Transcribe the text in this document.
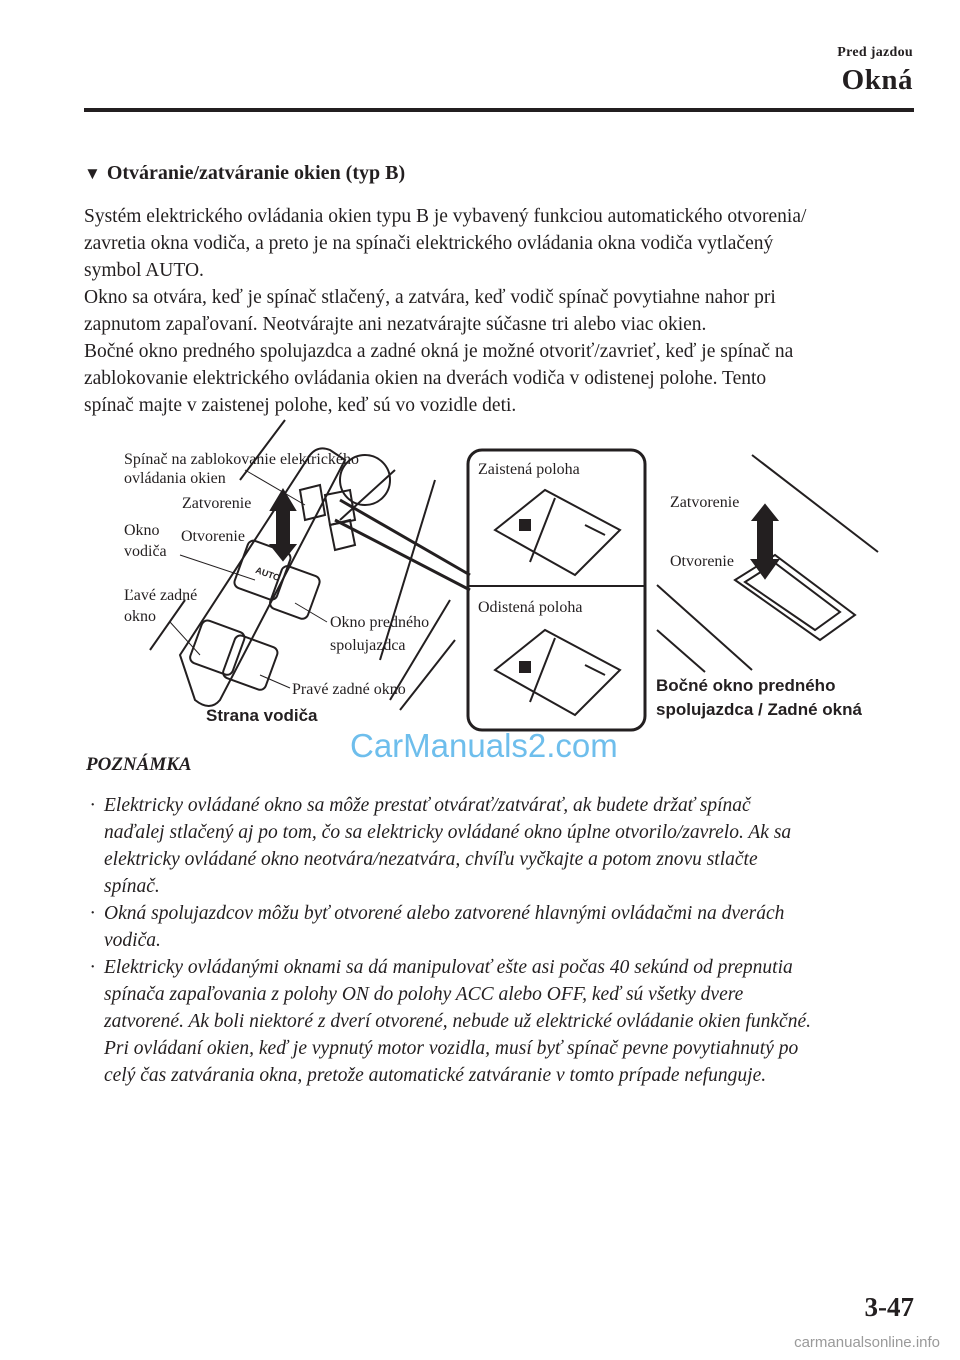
Pred jazdou
Okná
▼ Otváranie/zatváranie okien (typ B)
Systém elektrického ovládania okien typu B je vybavený funkciou automatického otvorenia/
zavretia okna vodiča, a preto je na spínači elektrického ovládania okna vodiča vytlačený
symbol AUTO.
Okno sa otvára, keď je spínač stlačený, a zatvára, keď vodič spínač povytiahne nahor pri
zapnutom zapaľovaní. Neotvárajte ani nezatvárajte súčasne tri alebo viac okien.
Bočné okno predného spolujazdca a zadné okná je možné otvoriť/zavrieť, keď je spínač na
zablokovanie elektrického ovládania okien na dverách vodiča v odistenej polohe. Tento
spínač majte v zaistenej polohe, keď sú vo vozidle deti.
Spínač na zablokovanie elektrického
ovládania okien
Zatvorenie
Okno
vodiča
Otvorenie
AUTO
Ľavé zadné
okno	Okno predného
spolujazdca
Pravé zadné okno
Strana vodiča
Zaistená poloha
Odistená poloha
Zatvorenie
Otvorenie
Bočné okno predného
spolujazdca / Zadné okná
CarManuals2.com
POZNÁMKA
· Elektricky ovládané okno sa môže prestať otvárať/zatvárať, ak budete držať spínač
naďalej stlačený aj po tom, čo sa elektricky ovládané okno úplne otvorilo/zavrelo. Ak sa
elektricky ovládané okno neotvára/nezatvára, chvíľu vyčkajte a potom znovu stlačte
spínač.
· Okná spolujazdcov môžu byť otvorené alebo zatvorené hlavnými ovládačmi na dverách
vodiča.
· Elektricky ovládanými oknami sa dá manipulovať ešte asi počas 40 sekúnd od prepnutia
spínača zapaľovania z polohy ON do polohy ACC alebo OFF, keď sú všetky dvere
zatvorené. Ak boli niektoré z dverí otvorené, nebude už elektrické ovládanie okien funkčné.
Pri ovládaní okien, keď je vypnutý motor vozidla, musí byť spínač pevne povytiahnutý po
celý čas zatvárania okna, pretože automatické zatváranie v tomto prípade nefunguje.
3-47
carmanualsonline.info
